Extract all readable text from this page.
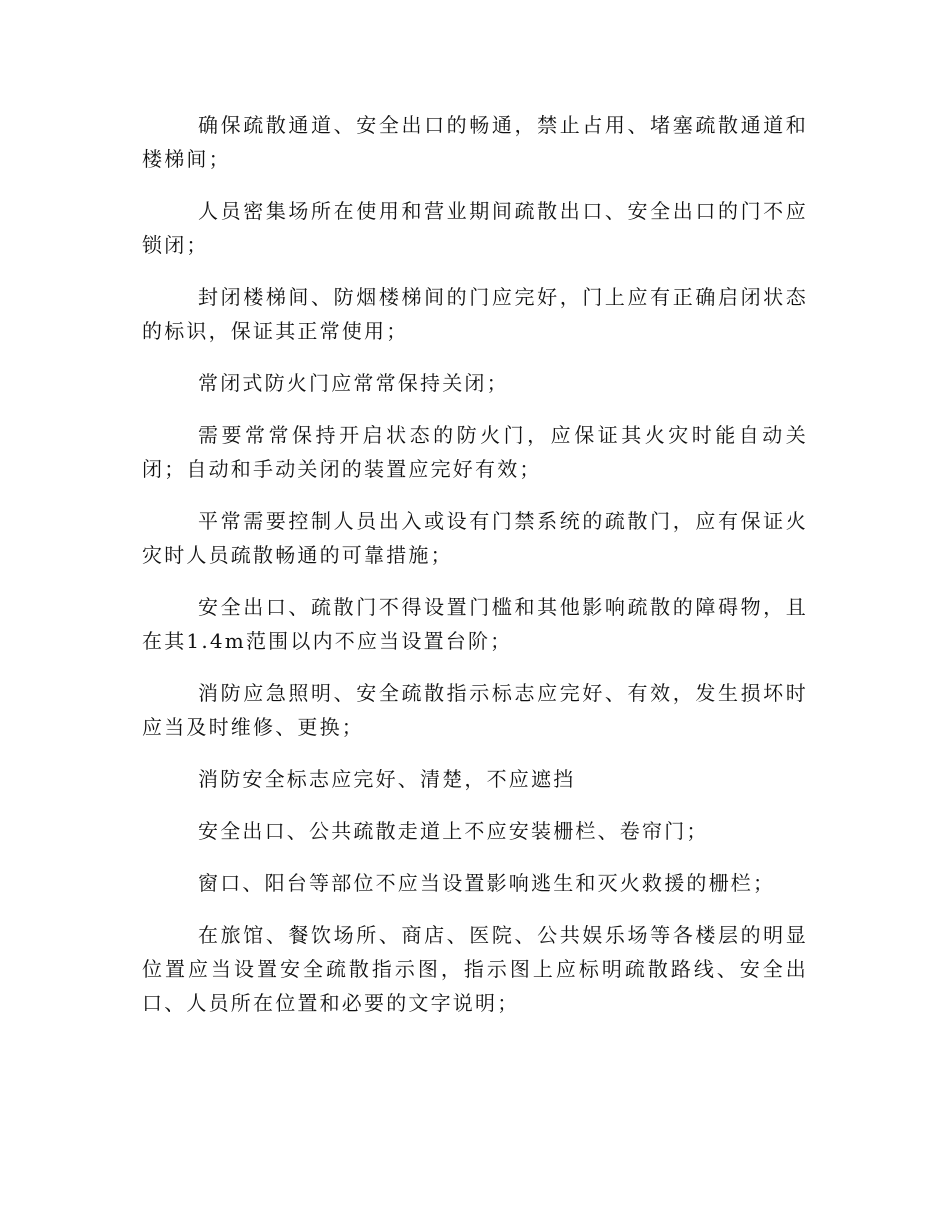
确保疏散通道、安全出口的畅通，禁止占用、堵塞疏散通道和楼梯间；

人员密集场所在使用和营业期间疏散出口、安全出口的门不应锁闭；

封闭楼梯间、防烟楼梯间的门应完好，门上应有正确启闭状态的标识，保证其正常使用；

常闭式防火门应常常保持关闭；

需要常常保持开启状态的防火门，应保证其火灾时能自动关闭；自动和手动关闭的装置应完好有效；

平常需要控制人员出入或设有门禁系统的疏散门，应有保证火灾时人员疏散畅通的可靠措施；

安全出口、疏散门不得设置门槛和其他影响疏散的障碍物，且在其1.4m范围以内不应当设置台阶；

消防应急照明、安全疏散指示标志应完好、有效，发生损坏时应当及时维修、更换；

消防安全标志应完好、清楚，不应遮挡

安全出口、公共疏散走道上不应安装栅栏、卷帘门；

窗口、阳台等部位不应当设置影响逃生和灭火救援的栅栏；

在旅馆、餐饮场所、商店、医院、公共娱乐场等各楼层的明显位置应当设置安全疏散指示图，指示图上应标明疏散路线、安全出口、人员所在位置和必要的文字说明；
